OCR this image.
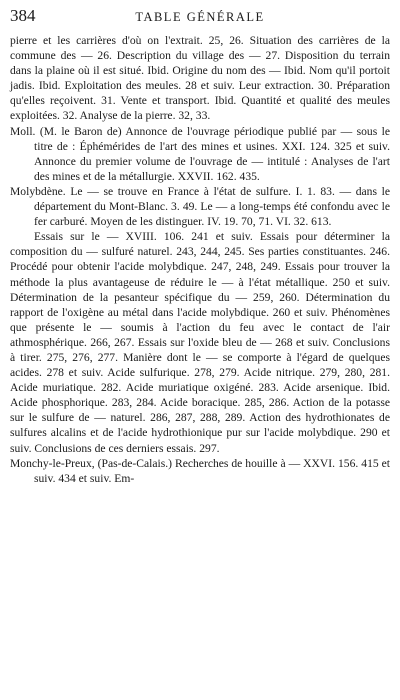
384	TABLE GÉNÉRALE

pierre et les carrières d'où on l'extrait. 25, 26. Situation des carrières de la commune des — 26. Description du village des — 27. Disposition du terrain dans la plaine où il est situé. Ibid. Origine du nom des — Ibid. Nom qu'il portoit jadis. Ibid. Exploitation des meules. 28 et suiv. Leur extraction. 30. Préparation qu'elles reçoivent. 31. Vente et transport. Ibid. Quantité et qualité des meules exploitées. 32. Analyse de la pierre. 32, 33.

Moll. (M. le Baron de) Annonce de l'ouvrage périodique publié par — sous le titre de : Éphémérides de l'art des mines et usines. XXI. 124. 325 et suiv. Annonce du premier volume de l'ouvrage de — intitulé : Analyses de l'art des mines et de la métallurgie. XXVII. 162. 435.

Molybdène. Le — se trouve en France à l'état de sulfure. I. 1. 83. — dans le département du Mont-Blanc. 3. 49. Le — a long-temps été confondu avec le fer carburé. Moyen de les distinguer. IV. 19. 70, 71. VI. 32. 613.

Essais sur le — XVIII. 106. 241 et suiv. Essais pour déterminer la composition du — sulfuré naturel. 243, 244, 245. Ses parties constituantes. 246. Procédé pour obtenir l'acide molybdique. 247, 248, 249. Essais pour trouver la méthode la plus avantageuse de réduire le — à l'état métallique. 250 et suiv. Détermination de la pesanteur spécifique du — 259, 260. Détermination du rapport de l'oxigène au métal dans l'acide molybdique. 260 et suiv. Phénomènes que présente le — soumis à l'action du feu avec le contact de l'air athmosphérique. 266, 267. Essais sur l'oxide bleu de — 268 et suiv. Conclusions à tirer. 275, 276, 277. Manière dont le — se comporte à l'égard de quelques acides. 278 et suiv. Acide sulfurique. 278, 279. Acide nitrique. 279, 280, 281. Acide muriatique. 282. Acide muriatique oxigéné. 283. Acide arsenique. Ibid. Acide phosphorique. 283, 284. Acide boracique. 285, 286. Action de la potasse sur le sulfure de — naturel. 286, 287, 288, 289. Action des hydrothionates de sulfures alcalins et de l'acide hydrothionique pur sur l'acide molybdique. 290 et suiv. Conclusions de ces derniers essais. 297.

Monchy-le-Preux, (Pas-de-Calais.) Recherches de houille à — XXVI. 156. 415 et suiv. 434 et suiv. Em-
